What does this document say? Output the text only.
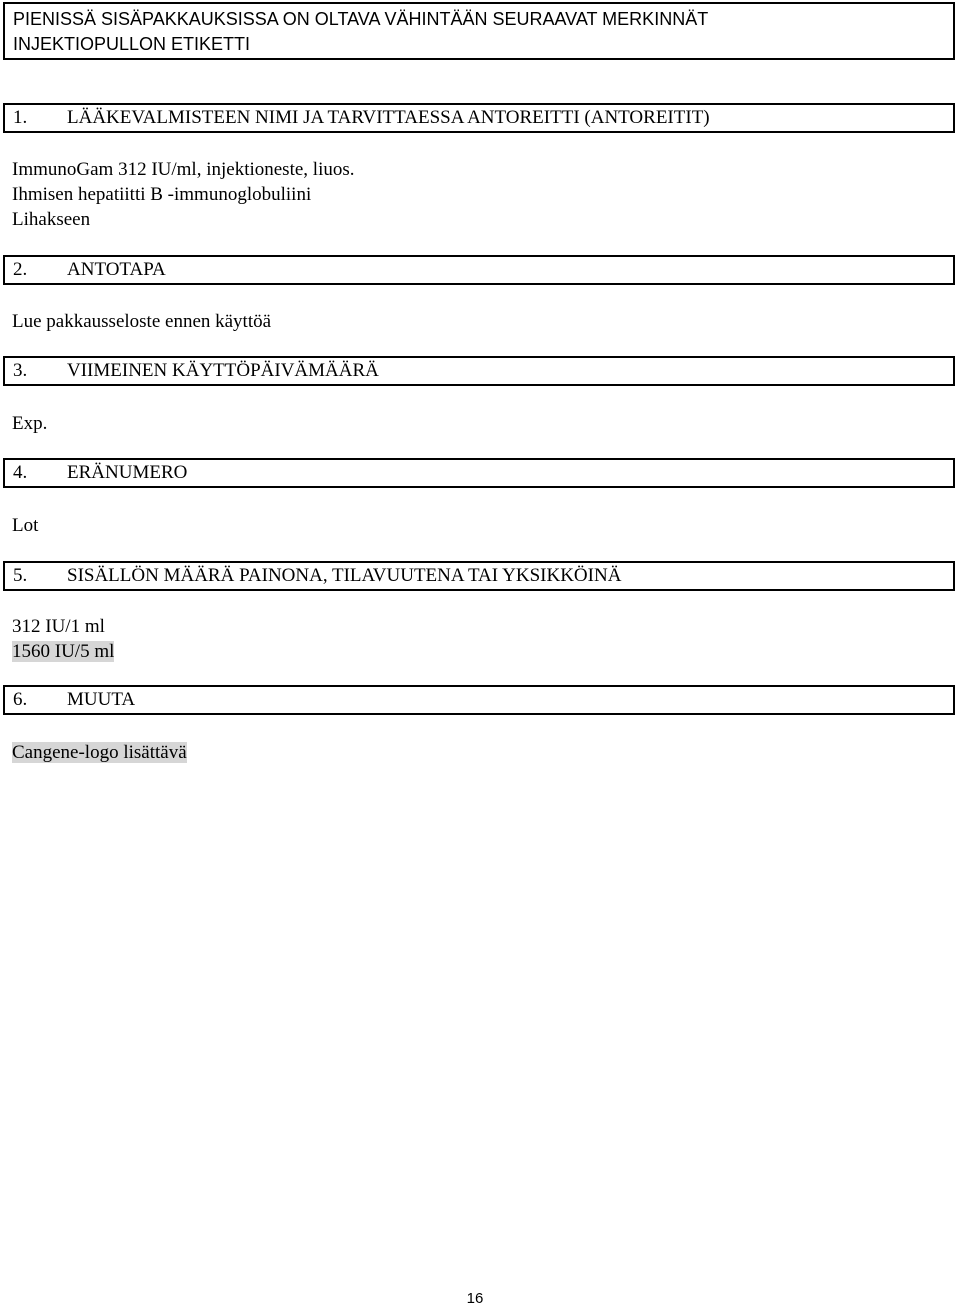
PIENISSÄ SISÄPAKKAUKSISSA ON OLTAVA VÄHINTÄÄN SEURAAVAT MERKINNÄT
INJEKTIOPULLON ETIKETTI
1. LÄÄKEVALMISTEEN NIMI JA TARVITTAESSA ANTOREITTI (ANTOREITIT)
ImmunoGam 312 IU/ml, injektioneste, liuos.
Ihmisen hepatiitti B -immunoglobuliini
Lihakseen
2. ANTOTAPA
Lue pakkausseloste ennen käyttöä
3. VIIMEINEN KÄYTTÖPÄIVÄMÄÄRÄ
Exp.
4. ERÄNUMERO
Lot
5. SISÄLLÖN MÄÄRÄ PAINONA, TILAVUUTENA TAI YKSIKKÖINÄ
312 IU/1 ml
1560 IU/5 ml
6. MUUTA
Cangene-logo lisättävä
16
